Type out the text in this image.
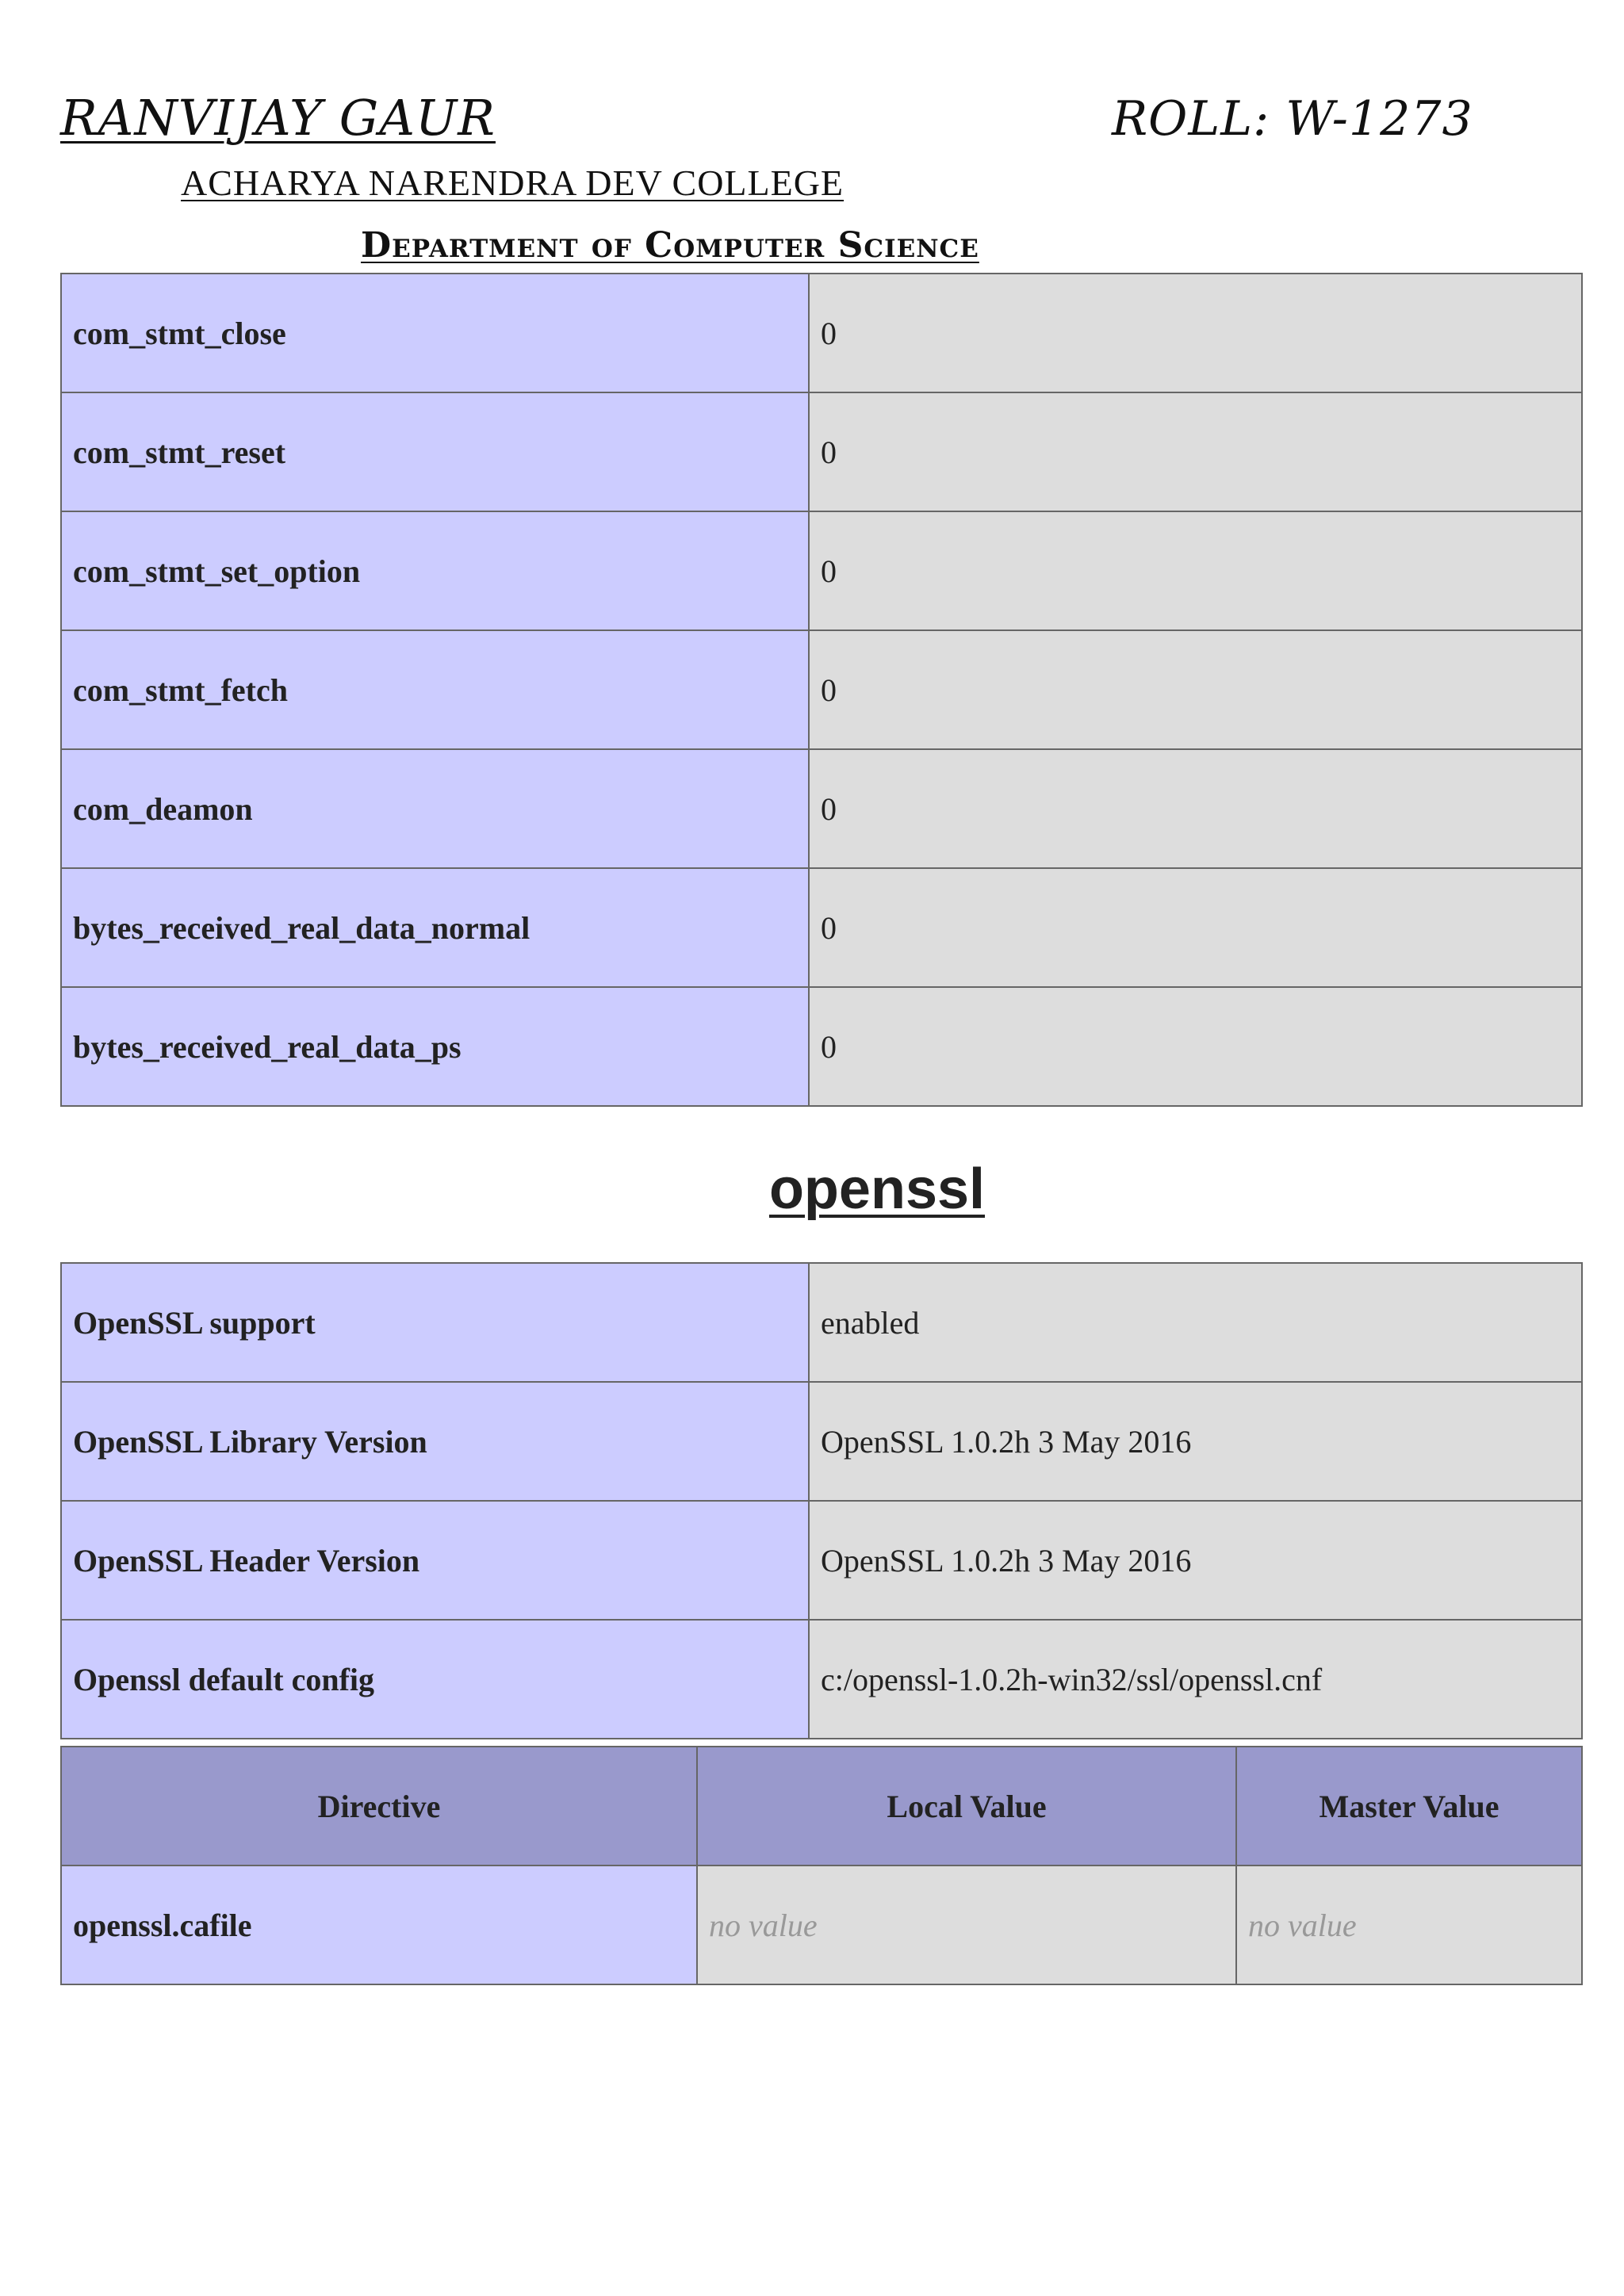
RANVIJAY GAUR	ROLL: W-1273
ACHARYA NARENDRA DEV COLLEGE
Department of Computer Science
com_stmt_close	0
com_stmt_reset	0
com_stmt_set_option	0
com_stmt_fetch	0
com_deamon	0
bytes_received_real_data_normal	0
bytes_received_real_data_ps	0
openssl
OpenSSL support	enabled
OpenSSL Library Version	OpenSSL 1.0.2h 3 May 2016
OpenSSL Header Version	OpenSSL 1.0.2h 3 May 2016
Openssl default config	c:/openssl-1.0.2h-win32/ssl/openssl.cnf
Directive	Local Value	Master Value
openssl.cafile	no value	no value
